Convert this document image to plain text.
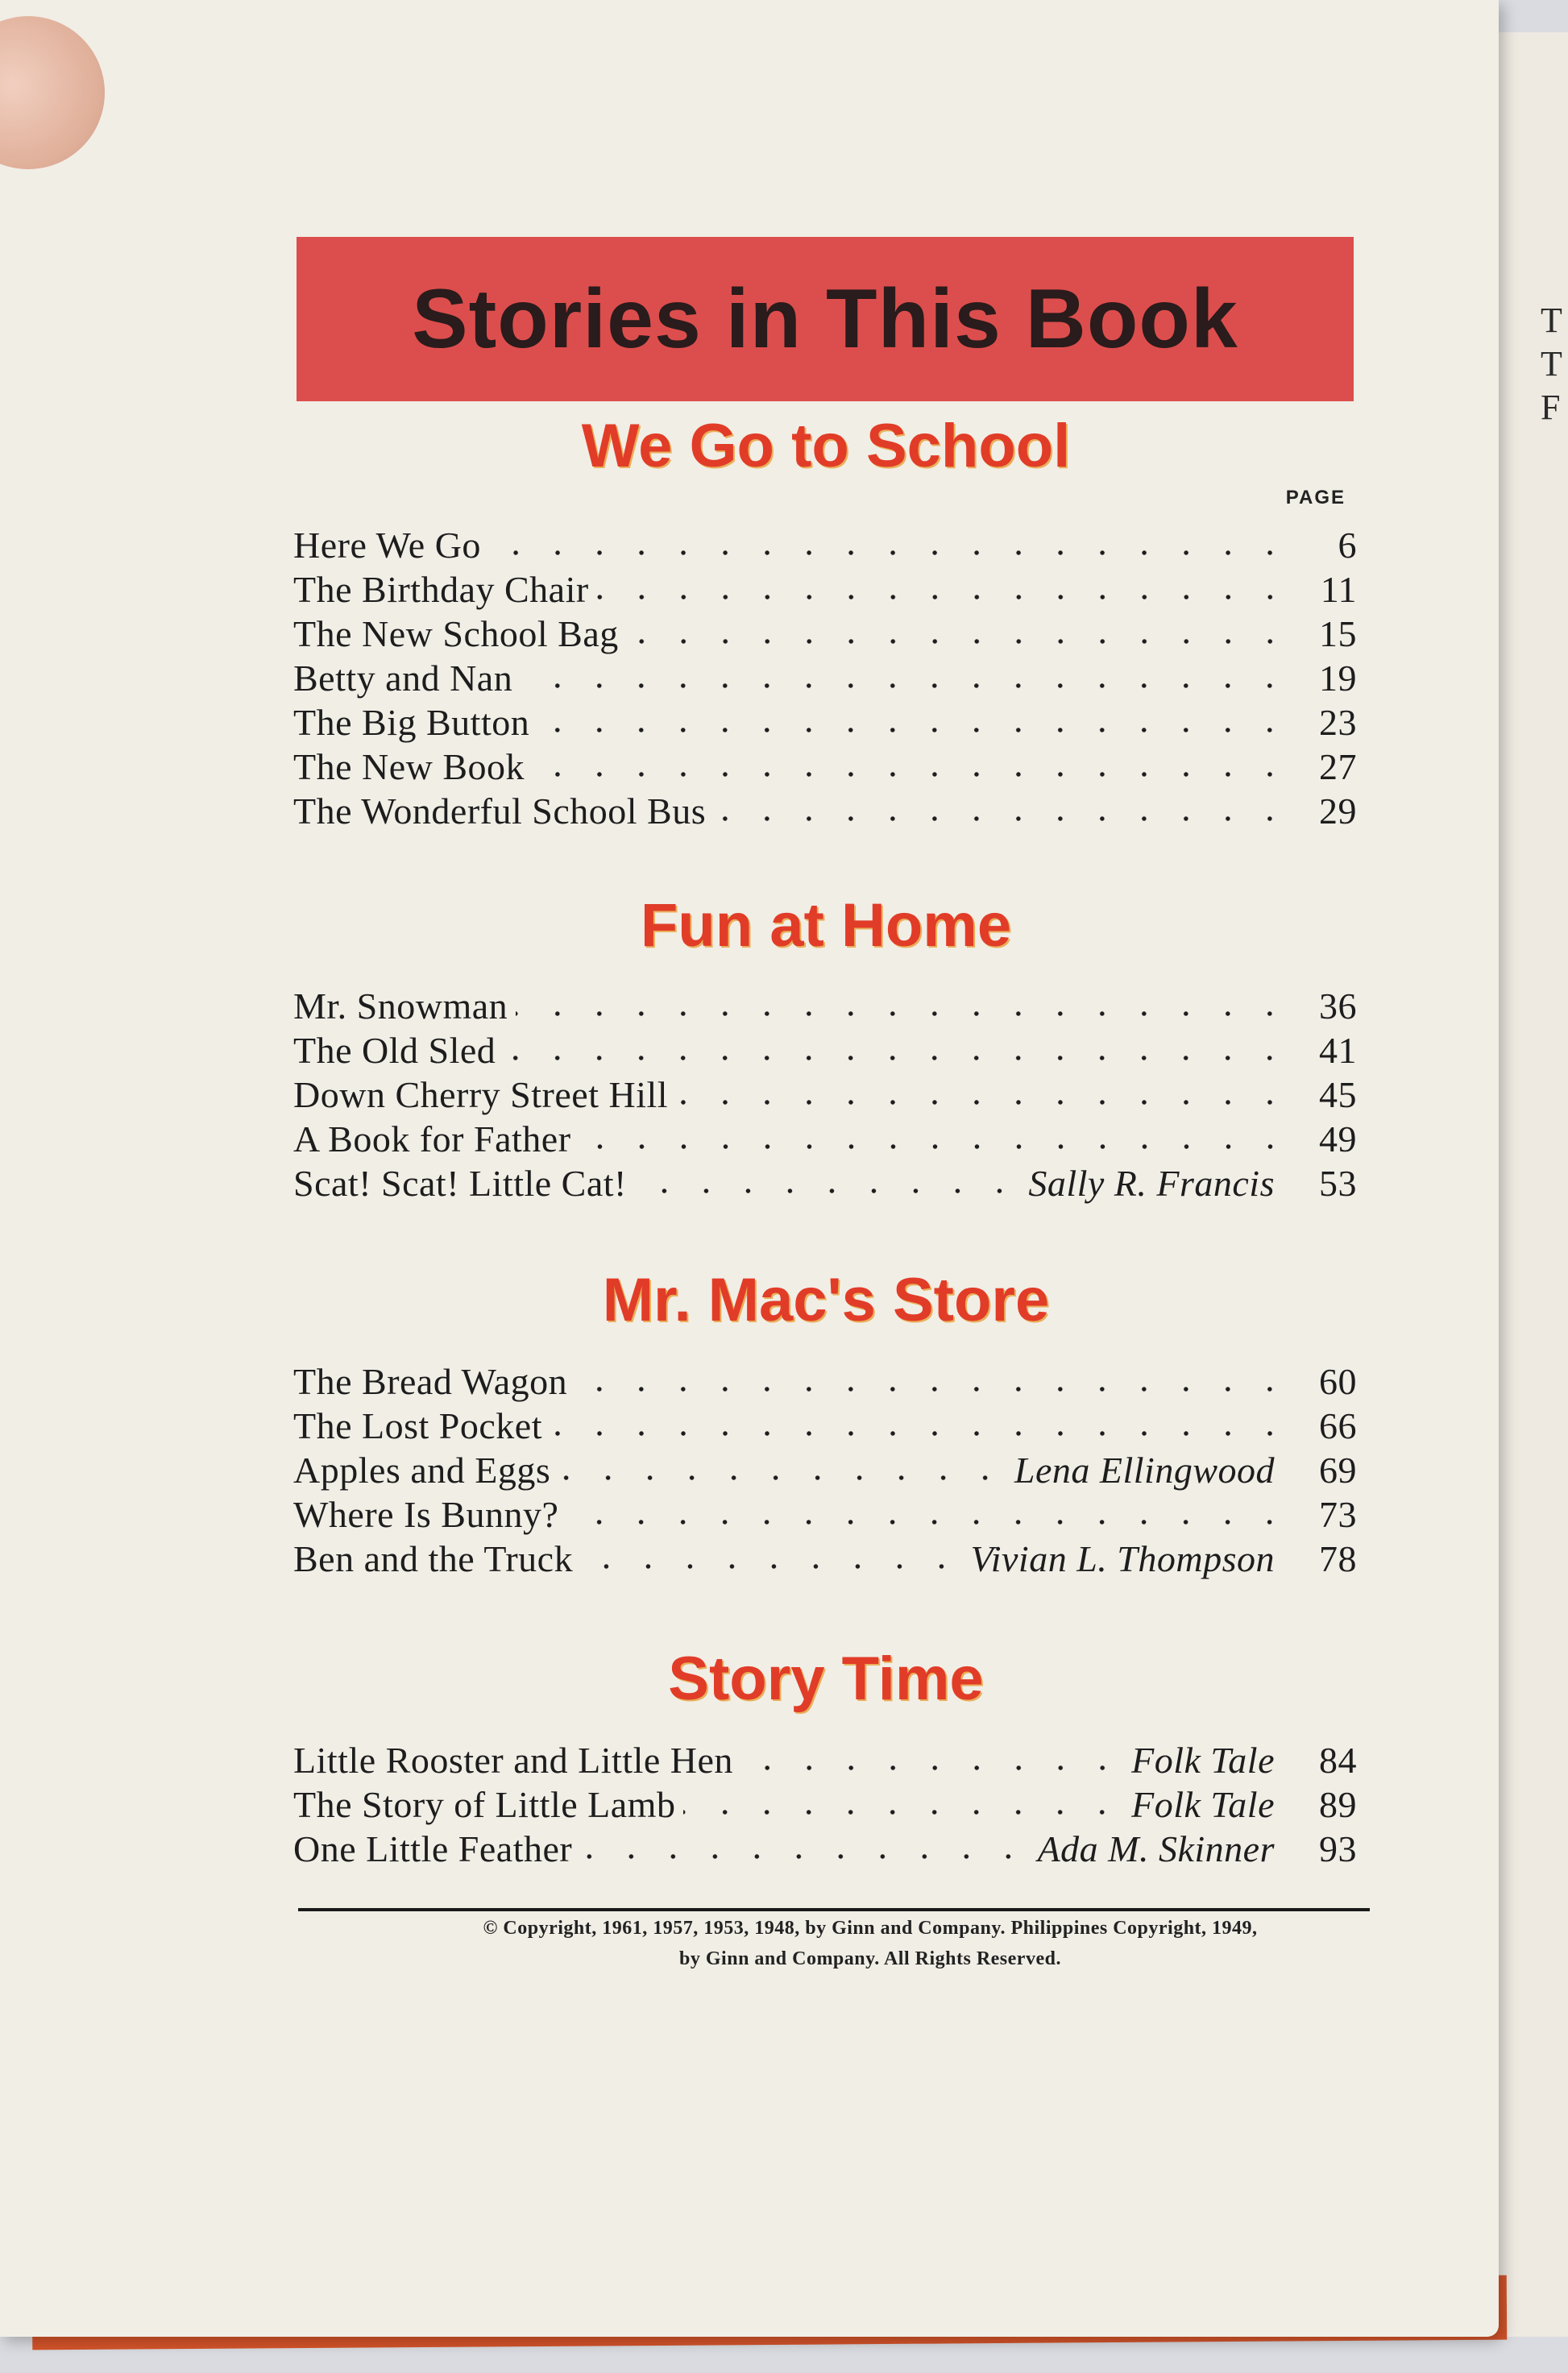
T
T
F
Stories in This Book
PAGE
We Go to School
Here We Go	6
The Birthday Chair	11
The New School Bag	15
Betty and Nan	19
The Big Button	23
The New Book	27
The Wonderful School Bus	29
Fun at Home
Mr. Snowman	36
The Old Sled	41
Down Cherry Street Hill	45
A Book for Father	49
Scat! Scat! Little Cat!	Sally R. Francis	53
Mr. Mac's Store
The Bread Wagon	60
The Lost Pocket	66
Apples and Eggs	Lena Ellingwood	69
Where Is Bunny?	73
Ben and the Truck	Vivian L. Thompson	78
Story Time
Little Rooster and Little Hen	Folk Tale	84
The Story of Little Lamb	Folk Tale	89
One Little Feather	Ada M. Skinner	93
© Copyright, 1961, 1957, 1953, 1948, by Ginn and Company. Philippines Copyright, 1949,
by Ginn and Company. All Rights Reserved.
